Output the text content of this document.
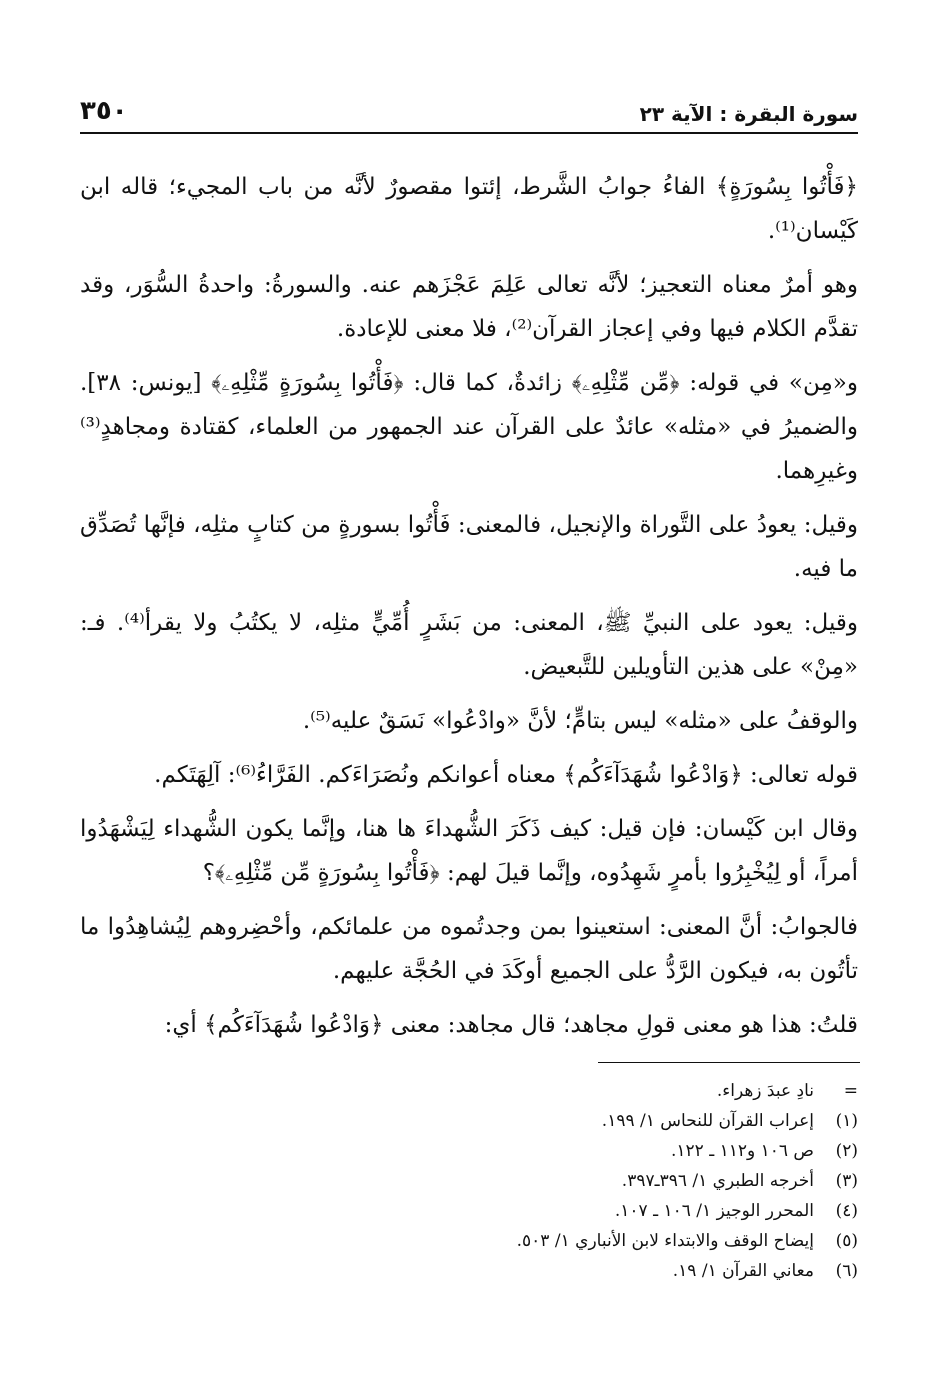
سورة البقرة : الآية ٢٣
٣٥٠

﴿فَأْتُوا بِسُورَةٍ﴾ الفاءُ جوابُ الشَّرط، إئتوا مقصورٌ لأنَّه من باب المجيء؛ قاله ابن كَيْسان⁽¹⁾.

وهو أمرٌ معناه التعجيز؛ لأنَّه تعالى عَلِمَ عَجْزَهم عنه. والسورةُ: واحدةُ السُّوَر، وقد تقدَّم الكلام فيها وفي إعجاز القرآن⁽²⁾، فلا معنى للإعادة.

و«مِن» في قوله: ﴿مِّن مِّثْلِهِۦ﴾ زائدةٌ، كما قال: ﴿فَأْتُوا بِسُورَةٍ مِّثْلِهِۦ﴾ [يونس: ٣٨]. والضميرُ في «مثله» عائدٌ على القرآن عند الجمهور من العلماء، كقتادة ومجاهدٍ⁽³⁾ وغيرِهما.

وقيل: يعودُ على التَّوراة والإنجيل، فالمعنى: فَأْتُوا بسورةٍ من كتابٍ مثلِه، فإنَّها تُصَدِّق ما فيه.

وقيل: يعود على النبيِّ ﷺ، المعنى: من بَشَرٍ أُمِّيٍّ مثلِه، لا يكتُبُ ولا يقرأ⁽⁴⁾. فـ: «مِنْ» على هذين التأويلين للتَّبعيض.

والوقفُ على «مثله» ليس بتامٍّ؛ لأنَّ «وادْعُوا» نَسَقٌ عليه⁽⁵⁾.

قوله تعالى: ﴿وَادْعُوا شُهَدَآءَكُم﴾ معناه أعوانكم ونُصَرَاءَكم. الفَرَّاءُ⁽⁶⁾: آلِهَتَكم.

وقال ابن كَيْسان: فإن قيل: كيف ذَكَرَ الشُّهداءَ ها هنا، وإنَّما يكون الشُّهداء لِيَشْهَدُوا أمراً، أو لِيُخْبِرُوا بأمرٍ شَهِدُوه، وإنَّما قيلَ لهم: ﴿فَأْتُوا بِسُورَةٍ مِّن مِّثْلِهِۦ﴾؟

فالجوابُ: أنَّ المعنى: استعينوا بمن وجدتُموه من علمائكم، وأحْضِروهم لِيُشاهِدُوا ما تأتُون به، فيكون الرَّدُّ على الجميع أوكَدَ في الحُجَّة عليهم.

قلتُ: هذا هو معنى قولِ مجاهد؛ قال مجاهد: معنى ﴿وَادْعُوا شُهَدَآءَكُم﴾ أي:

=نادِ عبدَ زهراء.
(١)إعراب القرآن للنحاس ١/ ١٩٩.
(٢)ص ١٠٦ و١١٢ ـ ١٢٢.
(٣)أخرجه الطبري ١/ ٣٩٦ـ٣٩٧.
(٤)المحرر الوجيز ١/ ١٠٦ ـ ١٠٧.
(٥)إيضاح الوقف والابتداء لابن الأنباري ١/ ٥٠٣.
(٦)معاني القرآن ١/ ١٩.
